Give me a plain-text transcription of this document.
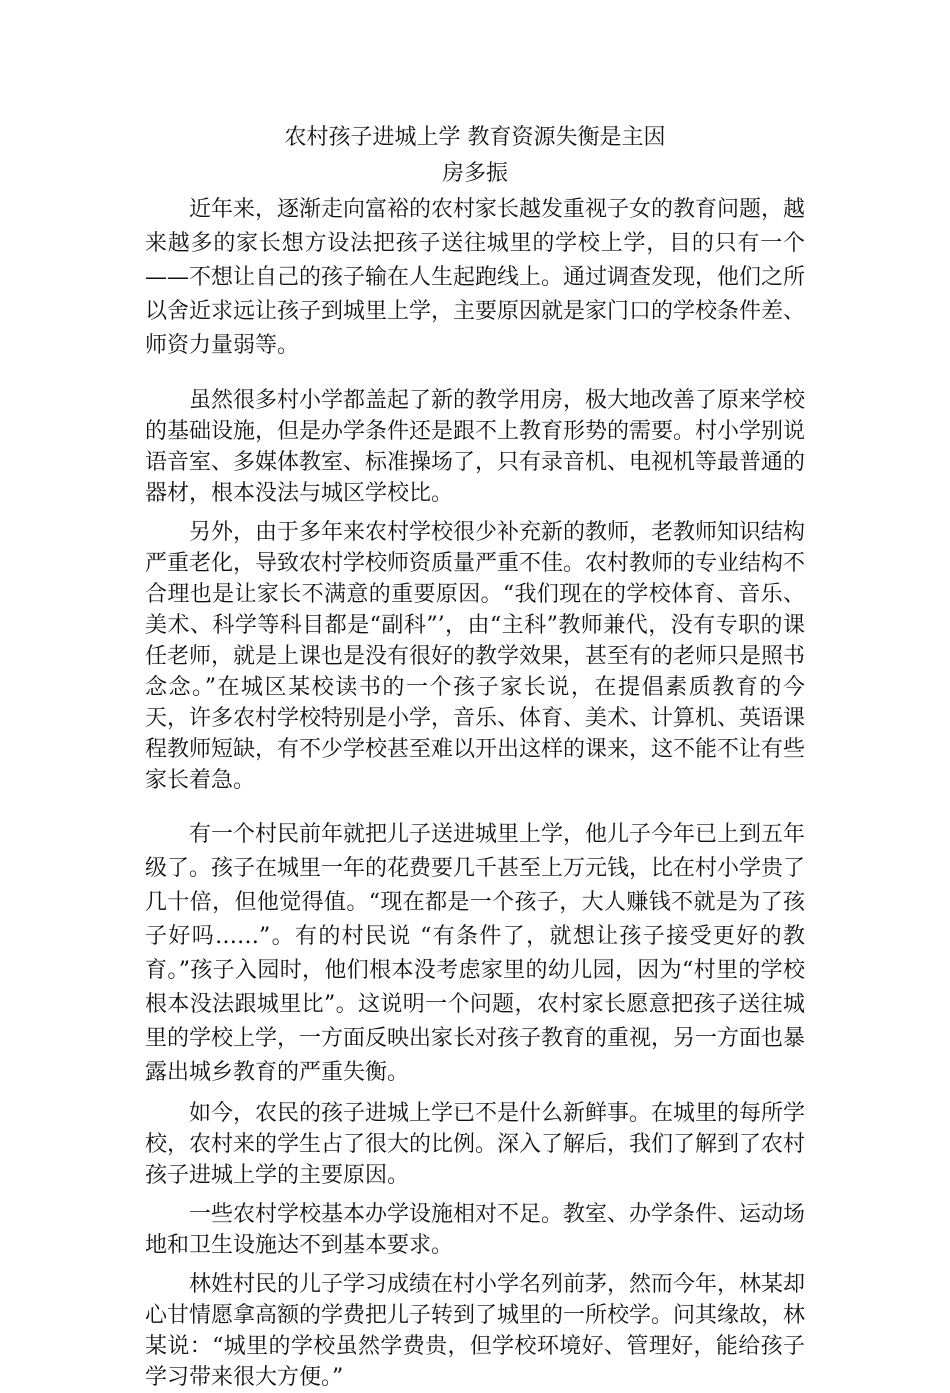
农村孩子进城上学 教育资源失衡是主因
房多振

近年来，逐渐走向富裕的农村家长越发重视子女的教育问题，越来越多的家长想方设法把孩子送往城里的学校上学，目的只有一个——不想让自己的孩子输在人生起跑线上。通过调查发现，他们之所以舍近求远让孩子到城里上学，主要原因就是家门口的学校条件差、师资力量弱等。

虽然很多村小学都盖起了新的教学用房，极大地改善了原来学校的基础设施，但是办学条件还是跟不上教育形势的需要。村小学别说语音室、多媒体教室、标准操场了，只有录音机、电视机等最普通的器材，根本没法与城区学校比。

另外，由于多年来农村学校很少补充新的教师，老教师知识结构严重老化，导致农村学校师资质量严重不佳。农村教师的专业结构不合理也是让家长不满意的重要原因。“我们现在的学校体育、音乐、美术、科学等科目都是“副科”’，由“主科”教师兼代，没有专职的课任老师，就是上课也是没有很好的教学效果，甚至有的老师只是照书念念。”在城区某校读书的一个孩子家长说，在提倡素质教育的今天，许多农村学校特别是小学，音乐、体育、美术、计算机、英语课程教师短缺，有不少学校甚至难以开出这样的课来，这不能不让有些家长着急。

有一个村民前年就把儿子送进城里上学，他儿子今年已上到五年级了。孩子在城里一年的花费要几千甚至上万元钱，比在村小学贵了几十倍，但他觉得值。“现在都是一个孩子，大人赚钱不就是为了孩子好吗……”。有的村民说 “有条件了，就想让孩子接受更好的教育。”孩子入园时，他们根本没考虑家里的幼儿园，因为“村里的学校根本没法跟城里比”。这说明一个问题，农村家长愿意把孩子送往城里的学校上学，一方面反映出家长对孩子教育的重视，另一方面也暴露出城乡教育的严重失衡。

如今，农民的孩子进城上学已不是什么新鲜事。在城里的每所学校，农村来的学生占了很大的比例。深入了解后，我们了解到了农村孩子进城上学的主要原因。

一些农村学校基本办学设施相对不足。教室、办学条件、运动场地和卫生设施达不到基本要求。

林姓村民的儿子学习成绩在村小学名列前茅，然而今年，林某却心甘情愿拿高额的学费把儿子转到了城里的一所校学。问其缘故，林某说：“城里的学校虽然学费贵，但学校环境好、管理好，能给孩子学习带来很大方便。”
